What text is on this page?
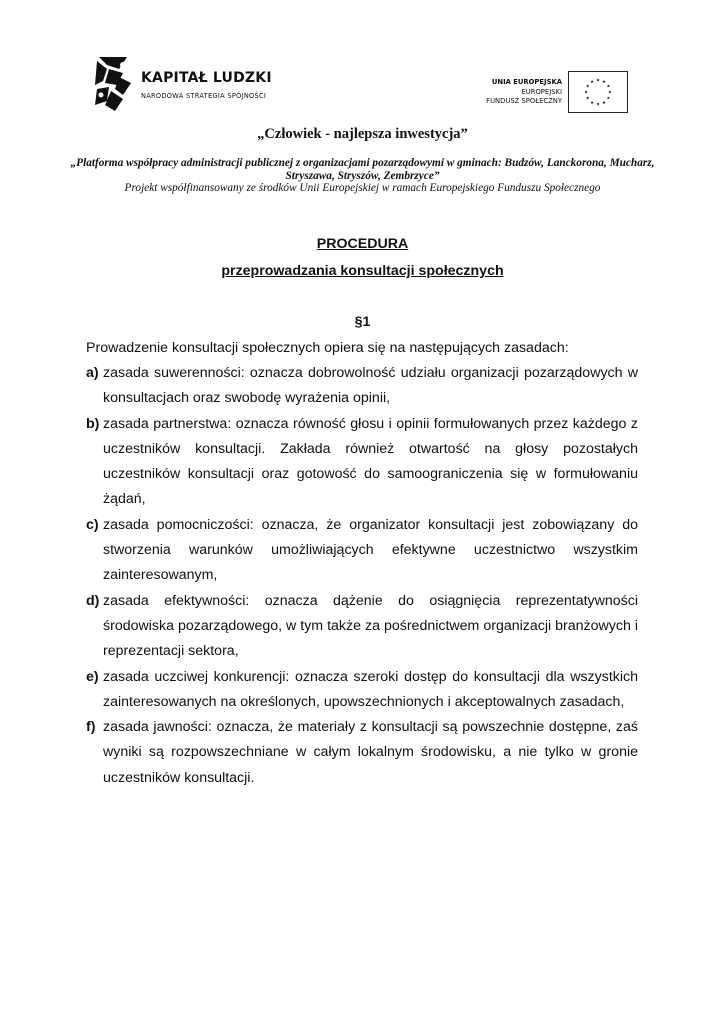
KAPITAŁ LUDZKI
NARODOWA STRATEGIA SPÓJNOŚCI
UNIA EUROPEJSKA
EUROPEJSKI
FUNDUSZ SPOŁECZNY
★ ★
★
★
★
★
★
★
★
★
★
★
„Człowiek - najlepsza inwestycja”
„Platforma współpracy administracji publicznej z organizacjami pozarządowymi w gminach: Budzów, Lanckorona, Mucharz, Stryszawa, Stryszów, Zembrzyce”
Projekt współfinansowany ze środków Unii Europejskiej w ramach Europejskiego Funduszu Społecznego
PROCEDURA
przeprowadzania konsultacji społecznych
§1
Prowadzenie konsultacji społecznych opiera się na następujących zasadach:
a) zasada suwerenności: oznacza dobrowolność udziału organizacji pozarządowych w konsultacjach oraz swobodę wyrażenia opinii,
b) zasada partnerstwa: oznacza równość głosu i opinii formułowanych przez każdego z uczestników konsultacji. Zakłada również otwartość na głosy pozostałych uczestników konsultacji oraz gotowość do samoograniczenia się w formułowaniu żądań,
c) zasada pomocniczości: oznacza, że organizator konsultacji jest zobowiązany do stworzenia warunków umożliwiających efektywne uczestnictwo wszystkim zainteresowanym,
d) zasada efektywności: oznacza dążenie do osiągnięcia reprezentatywności środowiska pozarządowego, w tym także za pośrednictwem organizacji branżowych i reprezentacji sektora,
e) zasada uczciwej konkurencji: oznacza szeroki dostęp do konsultacji dla wszystkich zainteresowanych na określonych, upowszechnionych i akceptowalnych zasadach,
f) zasada jawności: oznacza, że materiały z konsultacji są powszechnie dostępne, zaś wyniki są rozpowszechniane w całym lokalnym środowisku, a nie tylko w gronie uczestników konsultacji.
